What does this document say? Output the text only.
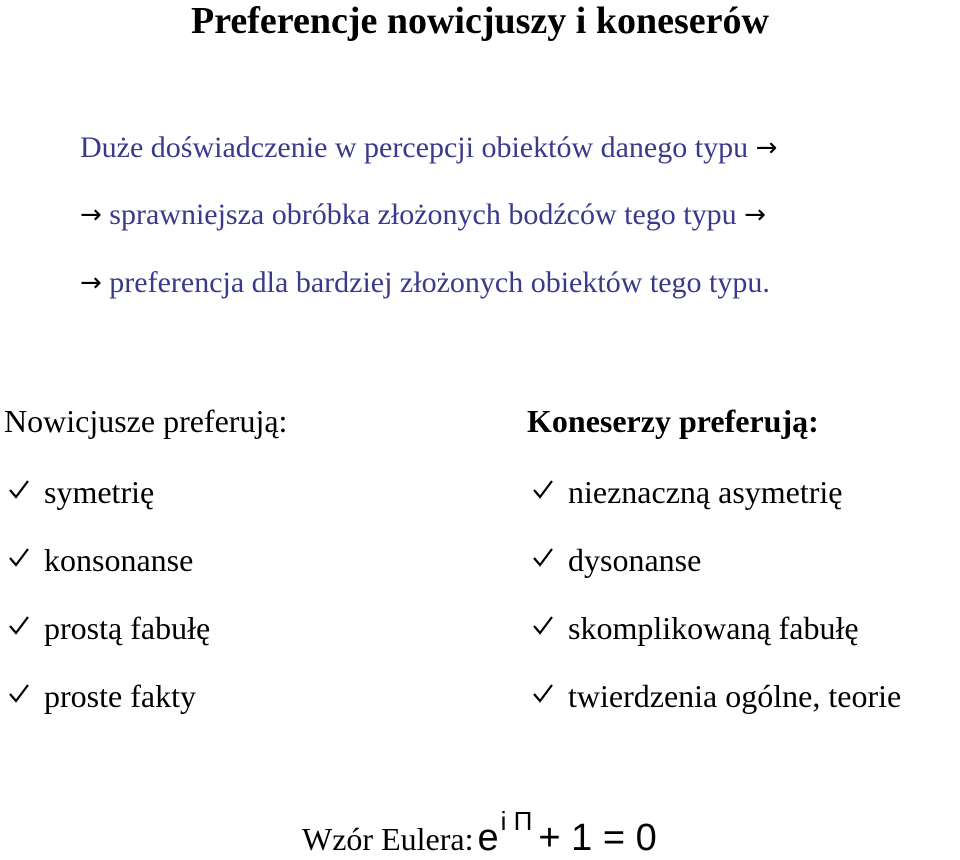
Preferencje nowicjuszy i koneserów
Duże doświadczenie w percepcji obiektów danego typu →
→ sprawniejsza obróbka złożonych bodźców tego typu →
→ preferencja dla bardziej złożonych obiektów tego typu.
Nowicjusze preferują:	Koneserzy preferują:
symetrię
konsonanse
prostą fabułę
proste fakty
nieznaczną asymetrię
dysonanse
skomplikowaną fabułę
twierdzenia ogólne, teorie
Wzór Eulera: ei Π + 1 = 0
